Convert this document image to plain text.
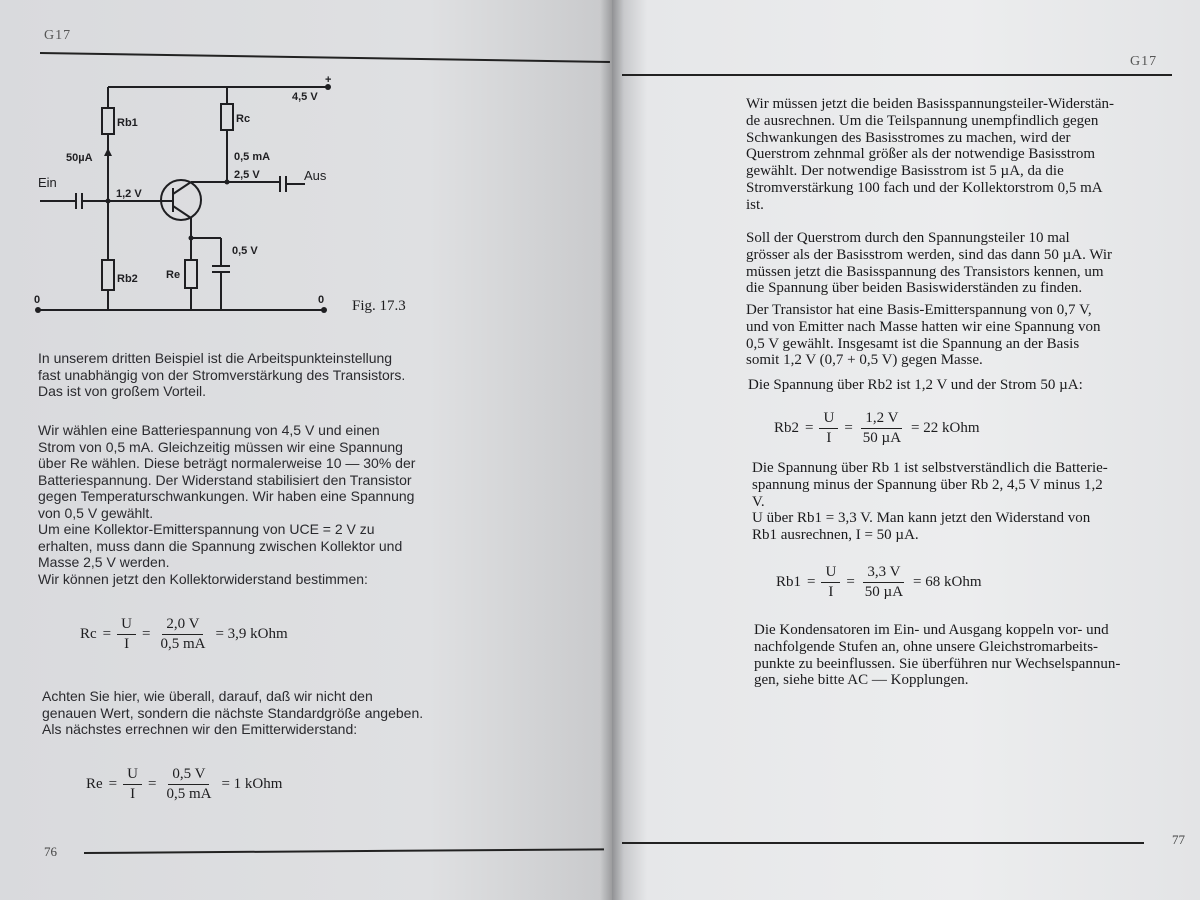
G17
+
4,5 V
Rb1	Rc
50µA	0,5 mA
2,5 V
1,2 V
0,5 V
Rb2	Re
0	0
Ein	Aus
Fig. 17.3
In unserem dritten Beispiel ist die Arbeitspunkteinstellung
fast unabhängig von der Stromverstärkung des Transistors.
Das ist von großem Vorteil.
Wir wählen eine Batteriespannung von 4,5 V und einen
Strom von 0,5 mA. Gleichzeitig müssen wir eine Spannung
über Re wählen. Diese beträgt normalerweise 10 — 30% der
Batteriespannung. Der Widerstand stabilisiert den Transistor
gegen Temperaturschwankungen. Wir haben eine Spannung
von 0,5 V gewählt.
Um eine Kollektor-Emitterspannung von UCE = 2 V zu
erhalten, muss dann die Spannung zwischen Kollektor und
Masse 2,5 V werden.
Wir können jetzt den Kollektorwiderstand bestimmen:
$Rc = \frac{U}{I} = \frac{2,0 V}{0,5 mA} = 3,9$ kOhm
Achten Sie hier, wie überall, darauf, daß wir nicht den
genauen Wert, sondern die nächste Standardgröße angeben.
Als nächstes errechnen wir den Emitterwiderstand:
$Re = \frac{U}{I} = \frac{0,5 V}{0,5 mA} = 1$ kOhm
76
G17
Wir müssen jetzt die beiden Basisspannungsteiler-Widerstän-
de ausrechnen. Um die Teilspannung unempfindlich gegen
Schwankungen des Basisstromes zu machen, wird der
Querstrom zehnmal größer als der notwendige Basisstrom
gewählt. Der notwendige Basisstrom ist 5 µA, da die
Stromverstärkung 100 fach und der Kollektorstrom 0,5 mA
ist.
Soll der Querstrom durch den Spannungsteiler 10 mal
grösser als der Basisstrom werden, sind das dann 50 µA. Wir
müssen jetzt die Basisspannung des Transistors kennen, um
die Spannung über beiden Basiswiderständen zu finden.
Der Transistor hat eine Basis-Emitterspannung von 0,7 V,
und von Emitter nach Masse hatten wir eine Spannung von
0,5 V gewählt. Insgesamt ist die Spannung an der Basis
somit 1,2 V (0,7 + 0,5 V) gegen Masse.
Die Spannung über Rb2 ist 1,2 V und der Strom 50 µA:
$Rb2 = \frac{U}{I} = \frac{1,2 V}{\text{50 µA}} = 22$ kOhm
Die Spannung über Rb 1 ist selbstverständlich die Batterie-
spannung minus der Spannung über Rb 2, 4,5 V minus 1,2
V.
U über Rb1 = 3,3 V. Man kann jetzt den Widerstand von
Rb1 ausrechnen, I = 50 µA.
$Rb1 = \frac{U}{I} = \frac{3,3 V}{\text{50 µA}} = 68$ kOhm
Die Kondensatoren im Ein- und Ausgang koppeln vor- und
nachfolgende Stufen an, ohne unsere Gleichstromarbeits-
punkte zu beeinflussen. Sie überführen nur Wechselspannun-
gen, siehe bitte AC — Kopplungen.
77
